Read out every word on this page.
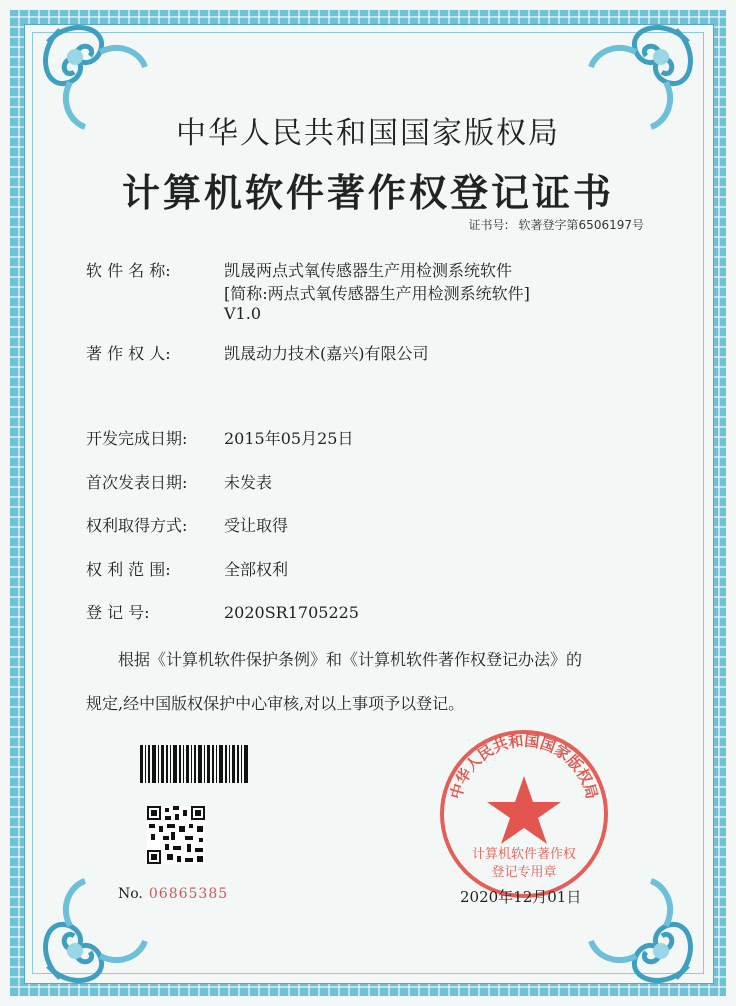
中华人民共和国国家版权局
计算机软件著作权登记证书
证书号: 软著登字第6506197号
软 件 名 称:	凯晟两点式氧传感器生产用检测系统软件
[简称:两点式氧传感器生产用检测系统软件]
V1.0
著 作 权 人:	凯晟动力技术(嘉兴)有限公司
开发完成日期: 2015年05月25日
首次发表日期: 未发表
权利取得方式: 受让取得
权 利 范 围:	全部权利
登 记 号:	2020SR1705225
根据《计算机软件保护条例》和《计算机软件著作权登记办法》的
规定,经中国版权保护中心审核,对以上事项予以登记。
No. 06865385
中华人民共和国国家版权局
计算机软件著作权
登记专用章
2020年12月01日
